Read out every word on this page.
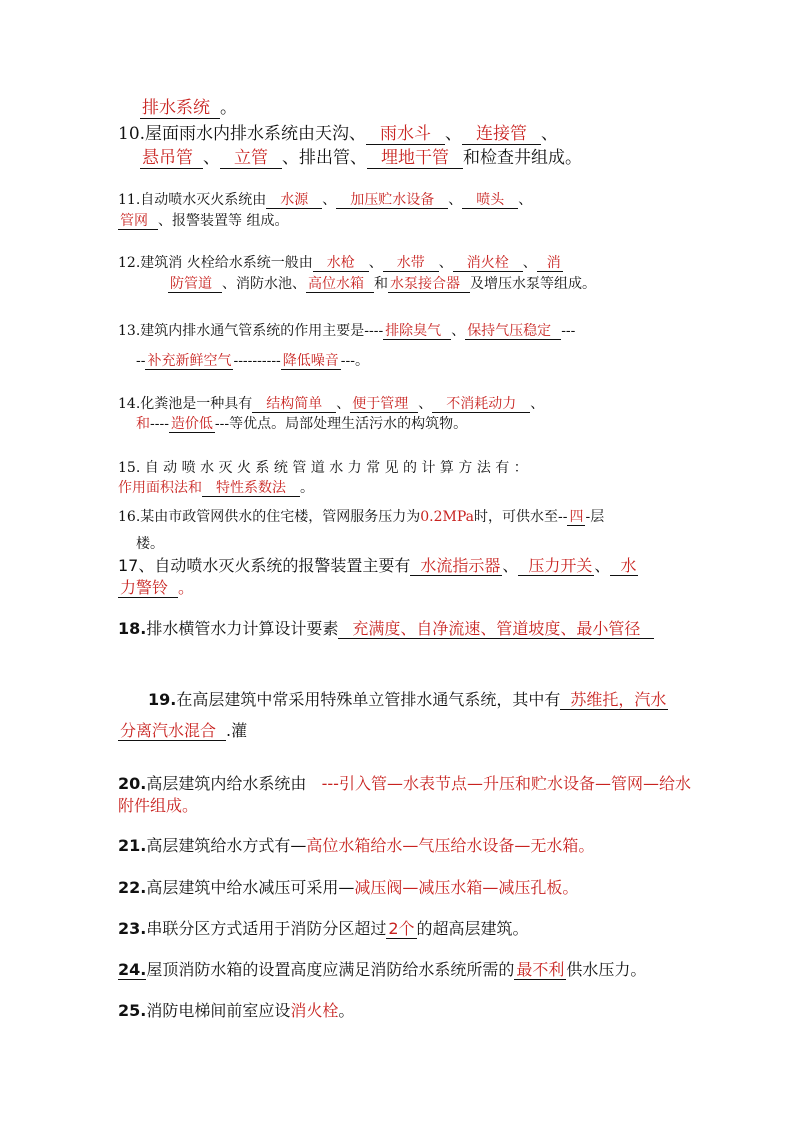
排水系统 。
10.屋面雨水内排水系统由天沟、 雨水斗 、 连接管 、
悬吊管 、 立管 、排出管、 埋地干管 和检查井组成。
11.自动喷水灭火系统由 水源 、 加压贮水设备 、 喷头 、
管网 、报警装置等 组成。
12.建筑消 火栓给水系统一般由 水枪 、 水带 、 消火栓 、 消
防管道 、消防水池、 高位水箱 和 水泵接合器 及增压水泵等组成。
13.建筑内排水通气管系统的作用主要是---- 排除臭气 、 保持气压稳定 ---
-- 补充新鲜空气 ---------- 降低噪音 ---。
14.化粪池是一种具有 结构简单 、 便于管理 、 不消耗动力 、
和---- 造价低 ---等优点。局部处理生活污水的构筑物。
15. 自 动 喷 水 灭 火 系 统 管 道 水 力 常 见 的 计 算 方 法 有 ：
作用面积法和 特性系数法 。
16.某由市政管网供水的住宅楼，管网服务压力为0.2MPa时，可供水至-- 四 -层
楼。
17、自动喷水灭火系统的报警装置主要有 水流指示器 、 压力开关 、 水
力警铃 。
18.排水横管水力计算设计要素 充满度、自净流速、管道坡度、最小管径
19.在高层建筑中常采用特殊单立管排水通气系统，其中有 苏维托，汽水
分离汽水混合 .灌
20.高层建筑内给水系统由 ---引入管—水表节点—升压和贮水设备—管网—给水
附件组成。
21.高层建筑给水方式有—高位水箱给水—气压给水设备—无水箱。
22.高层建筑中给水减压可采用—减压阀—减压水箱—减压孔板。
23.串联分区方式适用于消防分区超过 2个 的超高层建筑。
24.屋顶消防水箱的设置高度应满足消防给水系统所需的 最不利 供水压力。
25.消防电梯间前室应设消火栓。
